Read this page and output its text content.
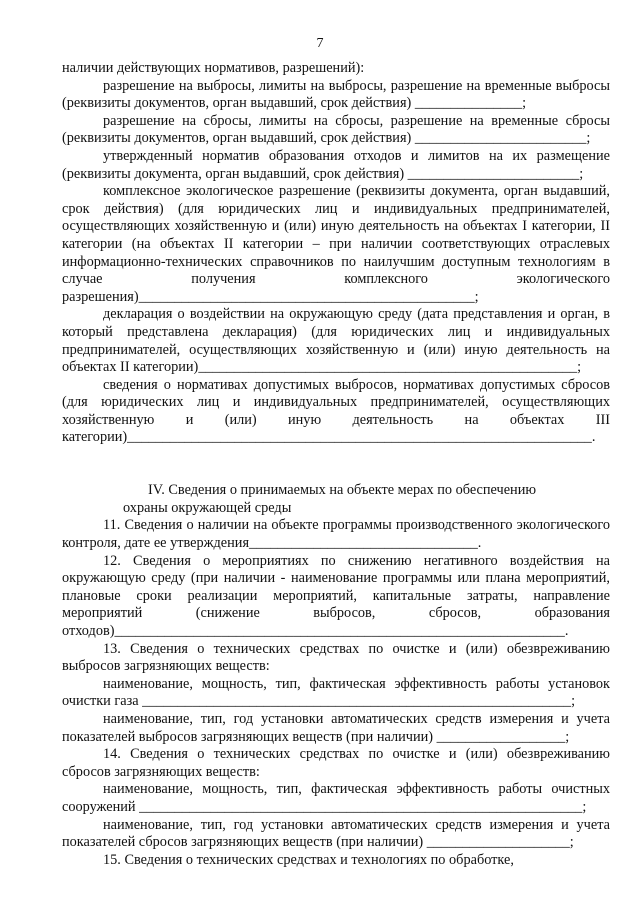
7

наличии действующих нормативов, разрешений):

разрешение на выбросы, лимиты на выбросы, разрешение на временные выбросы (реквизиты документов, орган выдавший, срок действия) _______________;

разрешение на сбросы, лимиты на сбросы, разрешение на временные сбросы (реквизиты документов, орган выдавший, срок действия) ________________________;

утвержденный норматив образования отходов и лимитов на их размещение (реквизиты документа, орган выдавший, срок действия) ________________________;

комплексное экологическое разрешение (реквизиты документа, орган выдавший, срок действия) (для юридических лиц и индивидуальных предпринимателей, осуществляющих хозяйственную и (или) иную деятельность на объектах I категории, II категории (на объектах II категории – при наличии соответствующих отраслевых информационно-технических справочников по наилучшим доступным технологиям в случае получения комплексного экологического разрешения)_______________________________________________;

декларация о воздействии на окружающую среду (дата представления и орган, в который представлена декларация) (для юридических лиц и индивидуальных предпринимателей, осуществляющих хозяйственную и (или) иную деятельность на объектах II категории)_____________________________________________________;

сведения о нормативах допустимых выбросов, нормативах допустимых сбросов (для юридических лиц и индивидуальных предпринимателей, осуществляющих хозяйственную и (или) иную деятельность на объектах III категории)_________________________________________________________________.

IV. Сведения о принимаемых на объекте мерах по обеспечению

охраны окружающей среды

11. Сведения о наличии на объекте программы производственного экологического контроля, дате ее утверждения________________________________.

12. Сведения о мероприятиях по снижению негативного воздействия на окружающую среду (при наличии - наименование программы или плана мероприятий, плановые сроки реализации мероприятий, капитальные затраты, направление мероприятий (снижение выбросов, сбросов, образования отходов)_______________________________________________________________.

13. Сведения о технических средствах по очистке и (или) обезвреживанию выбросов загрязняющих веществ:

наименование, мощность, тип, фактическая эффективность работы установок очистки газа ____________________________________________________________;

наименование, тип, год установки автоматических средств измерения и учета показателей выбросов загрязняющих веществ (при наличии) __________________;

14. Сведения о технических средствах по очистке и (или) обезвреживанию сбросов загрязняющих веществ:

наименование, мощность, тип, фактическая эффективность работы очистных сооружений ______________________________________________________________;

наименование, тип, год установки автоматических средств измерения и учета показателей сбросов загрязняющих веществ (при наличии) ____________________;

15. Сведения о технических средствах и технологиях по обработке,
